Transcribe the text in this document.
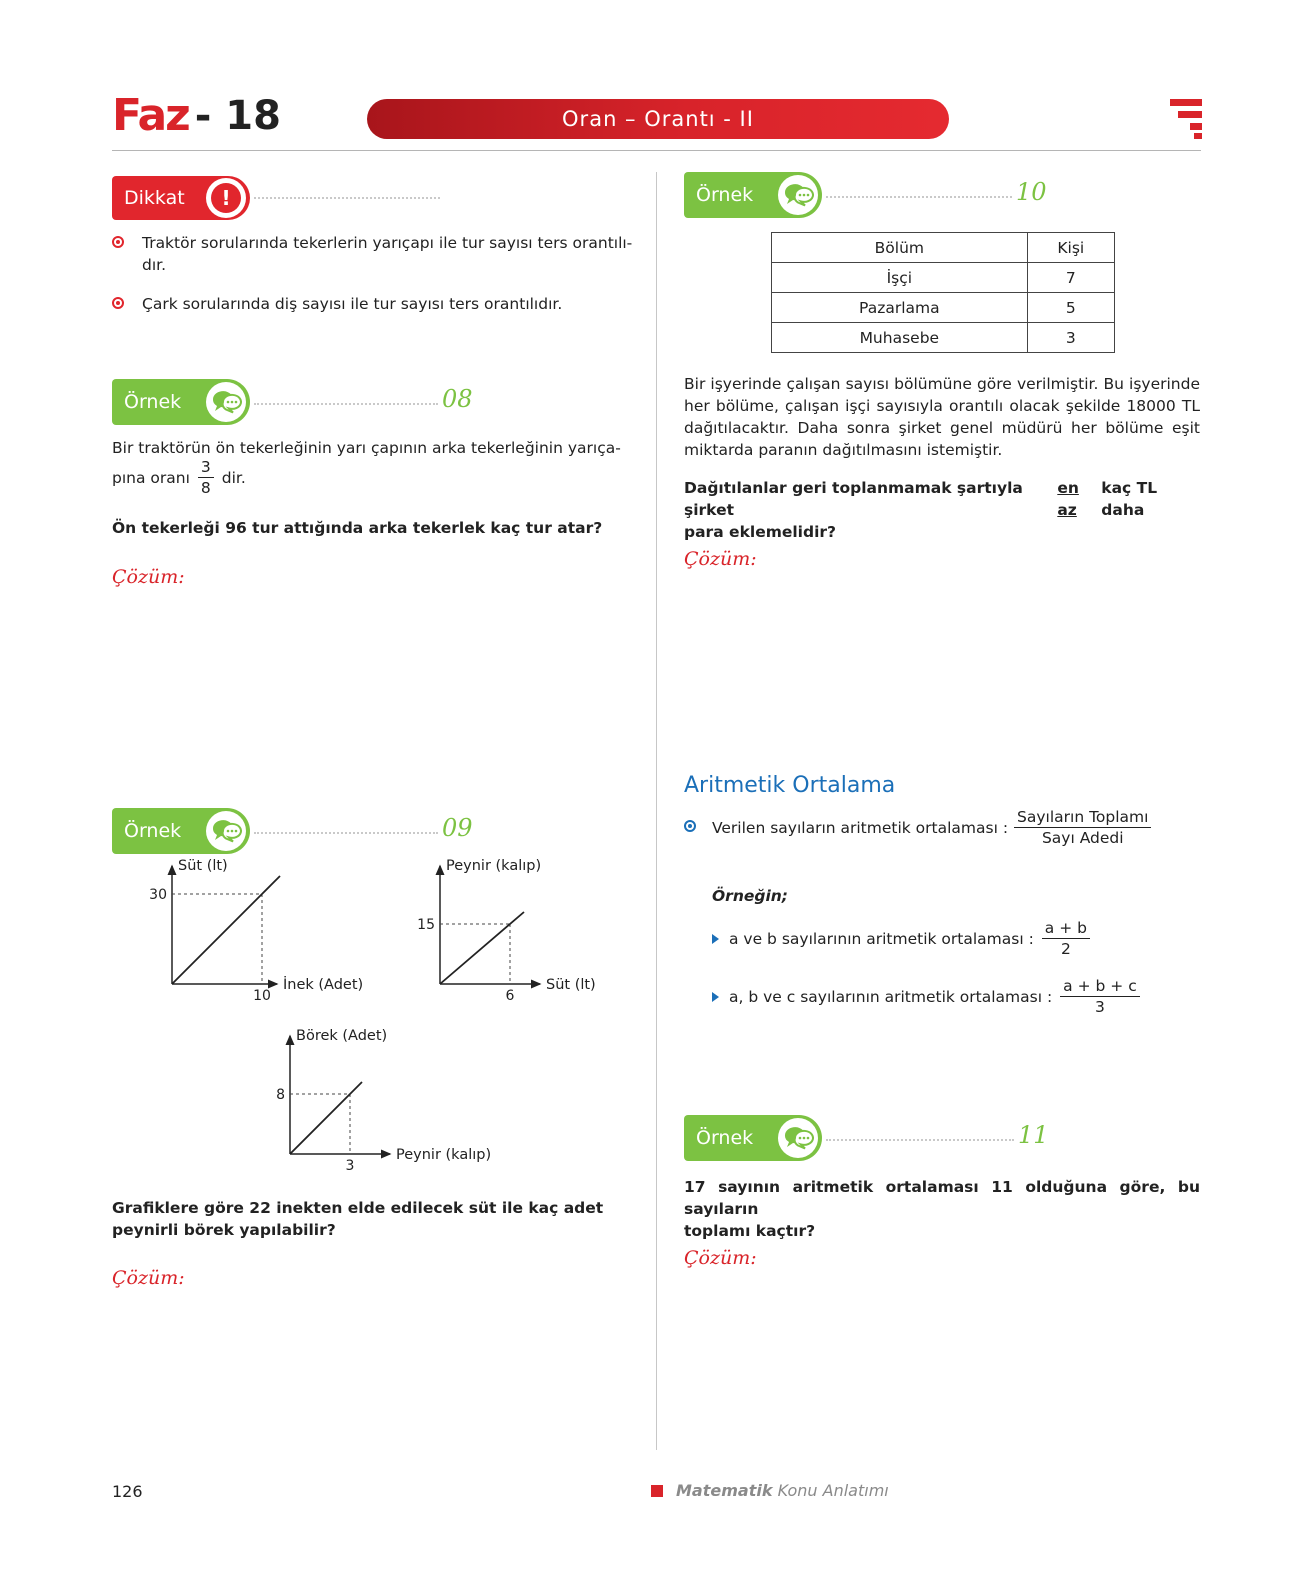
Faz - 18	Oran – Orantı - II
Dikkat	!
Traktör sorularında tekerlerin yarıçapı ile tur sayısı ters orantılı-
dır.
Çark sorularında diş sayısı ile tur sayısı ters orantılıdır.
Örnek	08
Bir traktörün ön tekerleğinin yarı çapının arka tekerleğinin yarıça-
pına oranı $\frac{3}{8}$ dir.
Ön tekerleği 96 tur attığında arka tekerlek kaç tur atar?
Çözüm:
Örnek	09
10
30
İnek (Adet)
Süt (lt)
6
15
Süt (lt)
Peynir (kalıp)
3
8
Peynir (kalıp)
Börek (Adet)
Grafiklere göre 22 inekten elde edilecek süt ile kaç adet peynirli börek yapılabilir?
Çözüm:
Örnek	10
Bölüm	Kişi
İşçi	7
Pazarlama	5
Muhasebe	3
Bir işyerinde çalışan sayısı bölümüne göre verilmiştir. Bu işyerinde
her bölüme, çalışan işçi sayısıyla orantılı olacak şekilde 18000 TL
dağıtılacaktır. Daha sonra şirket genel müdürü her bölüme eşit
miktarda paranın dağıtılmasını istemiştir.
Dağıtılanlar geri toplanmamak şartıyla şirket
en az
kaç TL daha
para eklemelidir?
Çözüm:
Aritmetik Ortalama
Verilen sayıların aritmetik ortalaması : $\frac{\text{Sayıların Toplamı}}{\text{Sayı Adedi}}$
Örneğin;
a ve b sayılarının aritmetik ortalaması : $\frac{a + b}{2}$
a, b ve c sayılarının aritmetik ortalaması : $\frac{a + b + c}{3}$
Örnek	11
17 sayının aritmetik ortalaması 11 olduğuna göre, bu sayıların
toplamı kaçtır?
Çözüm:
126	Matematik Konu Anlatımı
